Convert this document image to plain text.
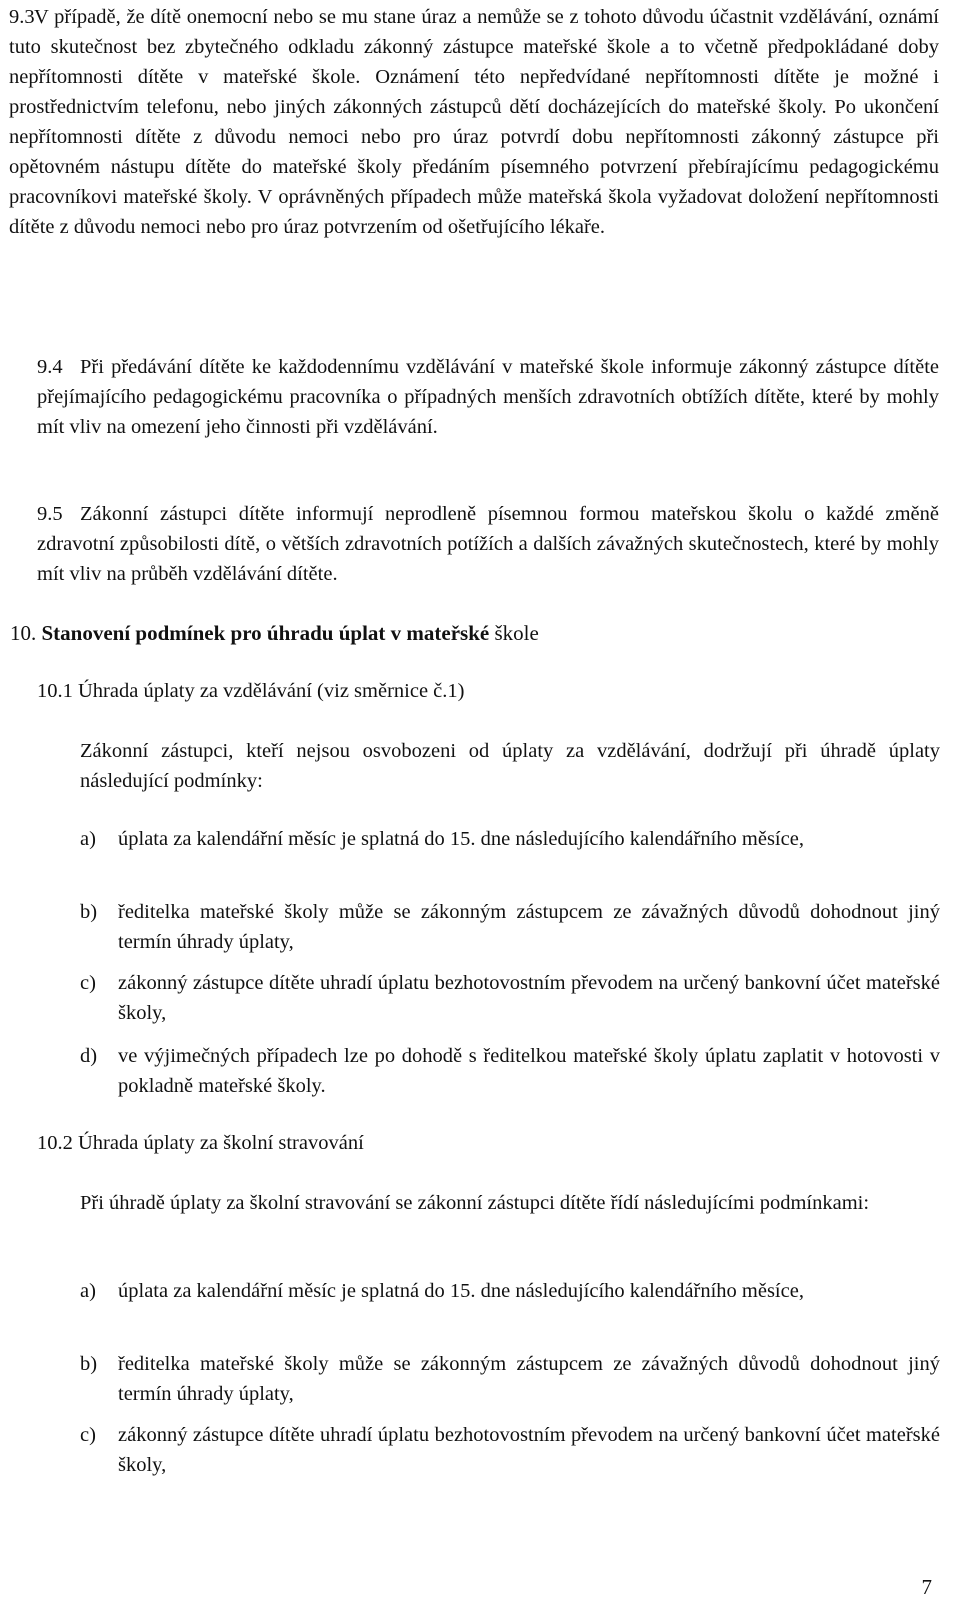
9.3 V případě, že dítě onemocní nebo se mu stane úraz a nemůže se z tohoto důvodu účastnit vzdělávání, oznámí tuto skutečnost bez zbytečného odkladu zákonný zástupce mateřské škole a to včetně předpokládané doby nepřítomnosti dítěte v mateřské škole. Oznámení této nepředvídané nepřítomnosti dítěte je možné i prostřednictvím telefonu, nebo jiných zákonných zástupců dětí docházejících do mateřské školy. Po ukončení nepřítomnosti dítěte z důvodu nemoci nebo pro úraz potvrdí dobu nepřítomnosti zákonný zástupce při opětovném nástupu dítěte do mateřské školy předáním písemného potvrzení přebírajícímu pedagogickému pracovníkovi mateřské školy. V oprávněných případech může mateřská škola vyžadovat doložení nepřítomnosti dítěte z důvodu nemoci nebo pro úraz potvrzením od ošetřujícího lékaře.
9.4 Při předávání dítěte ke každodennímu vzdělávání v mateřské škole informuje zákonný zástupce dítěte přejímajícího pedagogickému pracovníka o případných menších zdravotních obtížích dítěte, které by mohly mít vliv na omezení jeho činnosti při vzdělávání.
9.5 Zákonní zástupci dítěte informují neprodleně písemnou formou mateřskou školu o každé změně zdravotní způsobilosti dítě, o větších zdravotních potížích a dalších závažných skutečnostech, které by mohly mít vliv na průběh vzdělávání dítěte.
10. Stanovení podmínek pro úhradu úplat v mateřské škole
10.1 Úhrada úplaty za vzdělávání (viz směrnice č.1)
Zákonní zástupci, kteří nejsou osvobozeni od úplaty za vzdělávání, dodržují při úhradě úplaty následující podmínky:
a)	úplata za kalendářní měsíc je splatná do 15. dne následujícího kalendářního měsíce,
b)	ředitelka mateřské školy může se zákonným zástupcem ze závažných důvodů dohodnout jiný termín úhrady úplaty,
c)	zákonný zástupce dítěte uhradí úplatu bezhotovostním převodem na určený bankovní účet mateřské školy,
d)	ve výjimečných případech lze po dohodě s ředitelkou mateřské školy úplatu zaplatit v hotovosti v pokladně mateřské školy.
10.2 Úhrada úplaty za školní stravování
Při úhradě úplaty za školní stravování se zákonní zástupci dítěte řídí následujícími podmínkami:
a)	úplata za kalendářní měsíc je splatná do 15. dne následujícího kalendářního měsíce,
b)	ředitelka mateřské školy může se zákonným zástupcem ze závažných důvodů dohodnout jiný termín úhrady úplaty,
c)	zákonný zástupce dítěte uhradí úplatu bezhotovostním převodem na určený bankovní účet mateřské školy,
7
